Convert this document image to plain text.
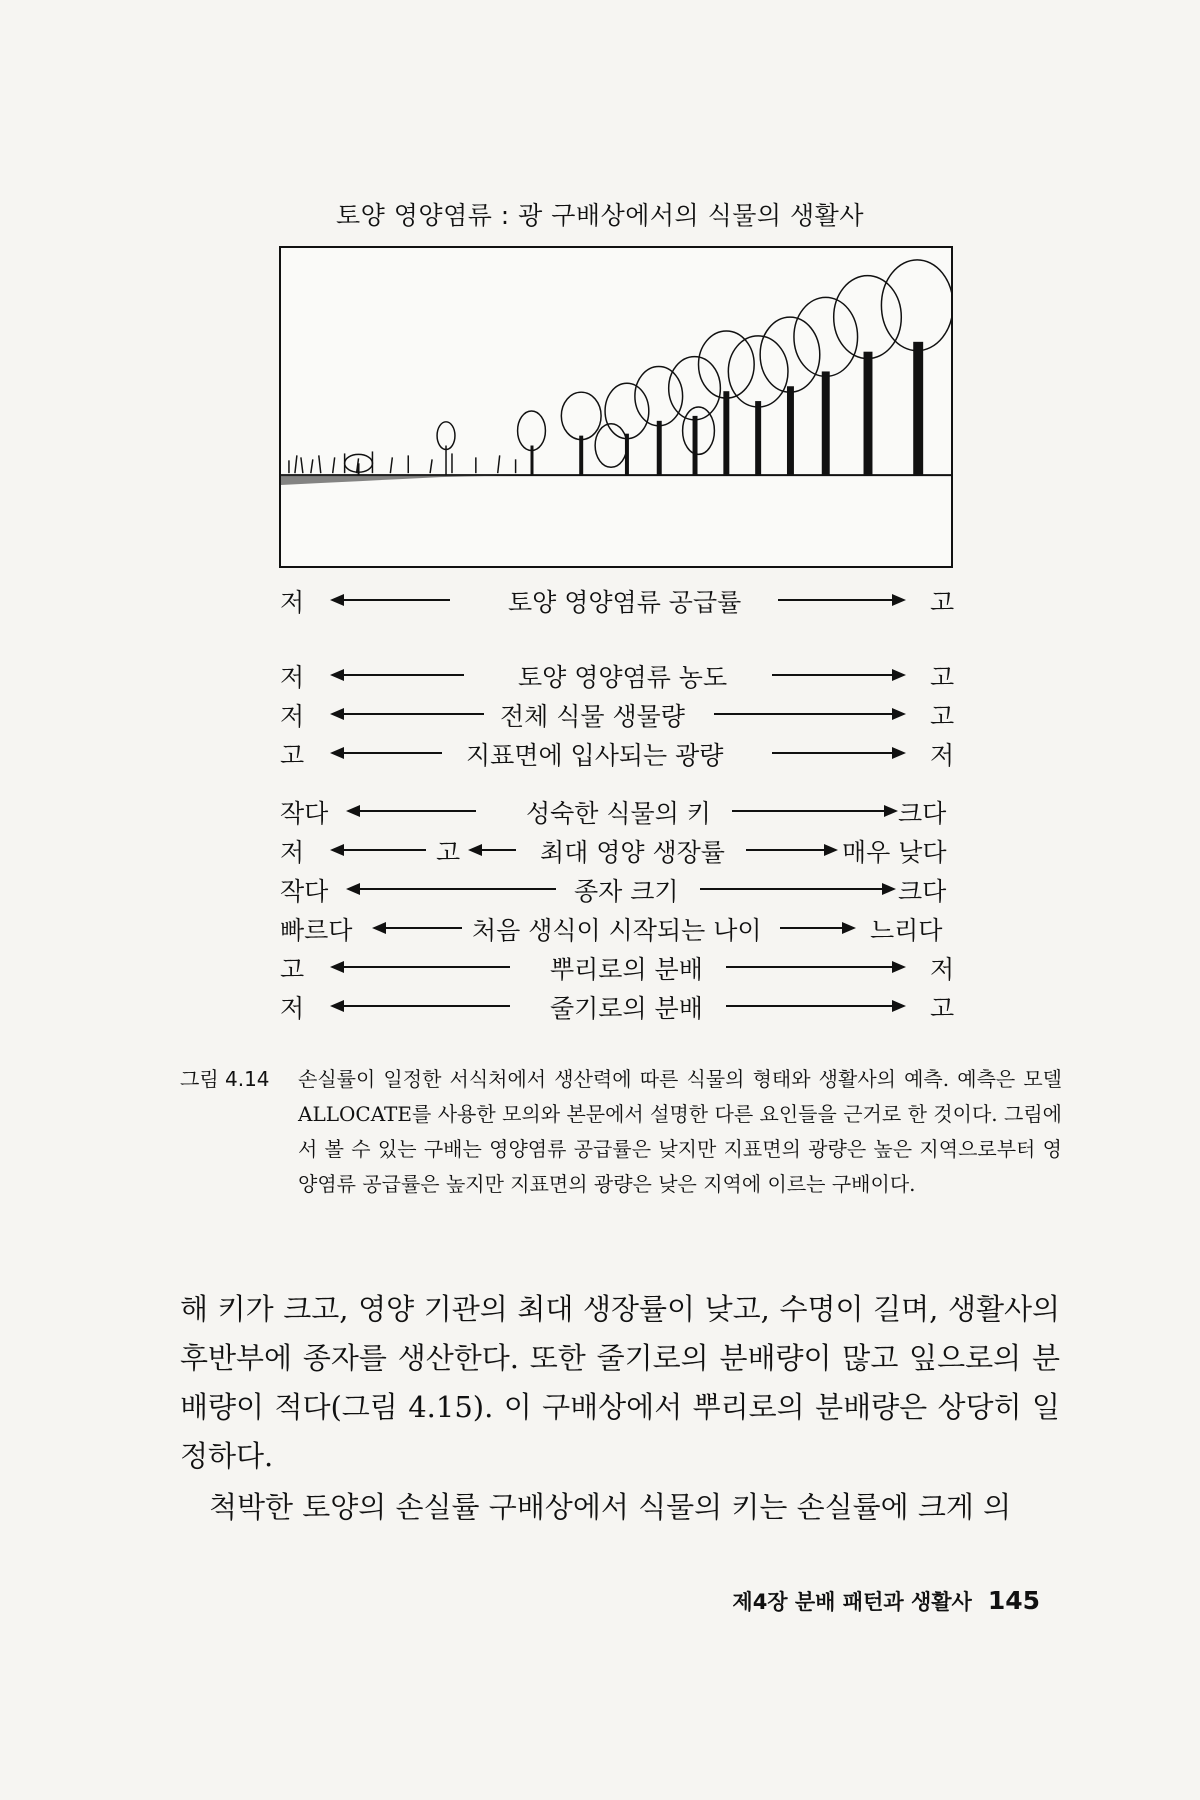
토양 영양염류 : 광 구배상에서의 식물의 생활사
저	토양 영양염류 공급률	고
저	토양 영양염류 농도	고
저	전체 식물 생물량	고
고	지표면에 입사되는 광량	저
작다	성숙한 식물의 키	크다
저	고	최대 영양 생장률	매우 낮다
작다	종자 크기	크다
빠르다	처음 생식이 시작되는 나이	느리다
고	뿌리로의 분배	저
저	줄기로의 분배	고
그림 4.14 손실률이 일정한 서식처에서 생산력에 따른 식물의 형태와 생활사의 예측. 예측은 모델 ALLOCATE를 사용한 모의와 본문에서 설명한 다른 요인들을 근거로 한 것이다. 그림에서 볼 수 있는 구배는 영양염류 공급률은 낮지만 지표면의 광량은 높은 지역으로부터 영양염류 공급률은 높지만 지표면의 광량은 낮은 지역에 이르는 구배이다.

해 키가 크고, 영양 기관의 최대 생장률이 낮고, 수명이 길며, 생활사의 후반부에 종자를 생산한다. 또한 줄기로의 분배량이 많고 잎으로의 분배량이 적다(그림 4.15). 이 구배상에서 뿌리로의 분배량은 상당히 일정하다.

척박한 토양의 손실률 구배상에서 식물의 키는 손실률에 크게 의

제4장 분배 패턴과 생활사 145
